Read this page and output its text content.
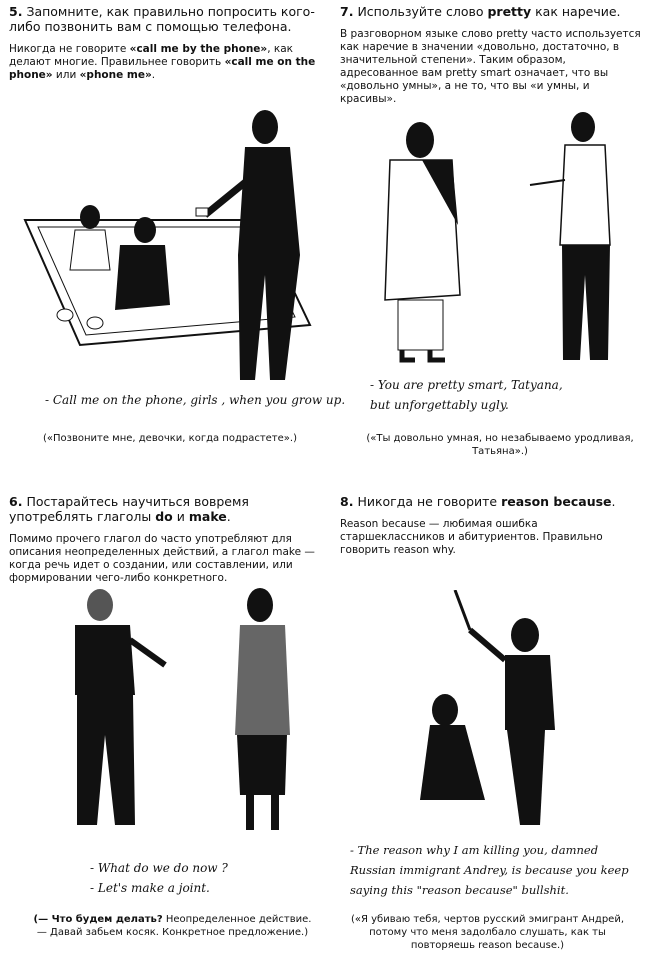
5. Запомните, как правильно попросить кого-либо позвонить вам с помощью телефона.

Никогда не говорите «call me by the phone», как делают многие. Правильнее говорить «call me on the phone» или «phone me».

- Call me on the phone, girls , when you grow up.
(«Позвоните мне, девочки, когда подрастете».)
7. Используйте слово pretty как наречие.

В разговорном языке слово pretty часто используется как наречие в значении «довольно, достаточно, в значительной степени». Таким образом, адресованное вам pretty smart означает, что вы «довольно умны», а не то, что вы «и умны, и красивы».

- You are pretty smart, Tatyana,
but unforgettably ugly.
(«Ты довольно умная, но незабываемо уродливая, Татьяна».)
6. Постарайтесь научиться вовремя употреблять глаголы do и make.

Помимо прочего глагол do часто употребляют для описания неопределенных действий, а глагол make — когда речь идет о создании, или составлении, или формировании чего-либо конкретного.

- What do we do now ?
- Let's make a joint.
(— Что будем делать? Неопределенное действие.
— Давай забьем косяк. Конкретное предложение.)
8. Никогда не говорите reason because.

Reason because — любимая ошибка старшеклассников и абитуриентов. Правильно говорить reason why.

- The reason why I am killing you, damned
Russian immigrant Andrey, is because you keep
saying this "reason because" bullshit.
(«Я убиваю тебя, чертов русский эмигрант Андрей, потому что меня задолбало слушать, как ты повторяешь reason because.)
